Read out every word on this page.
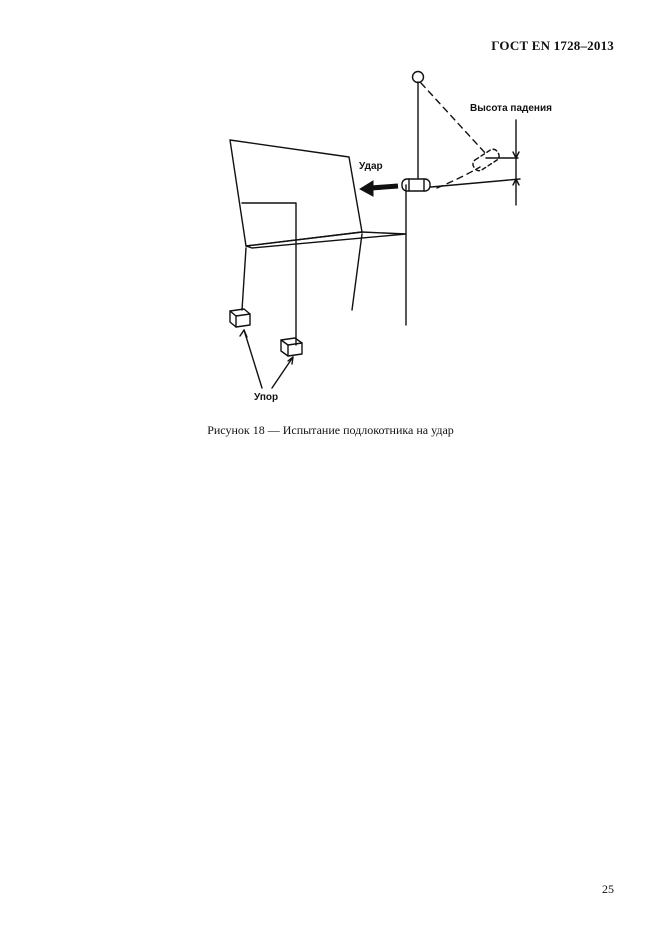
ГОСТ EN 1728–2013
Высота падения
Удар
Упор
Рисунок 18 — Испытание подлокотника на удар
25
